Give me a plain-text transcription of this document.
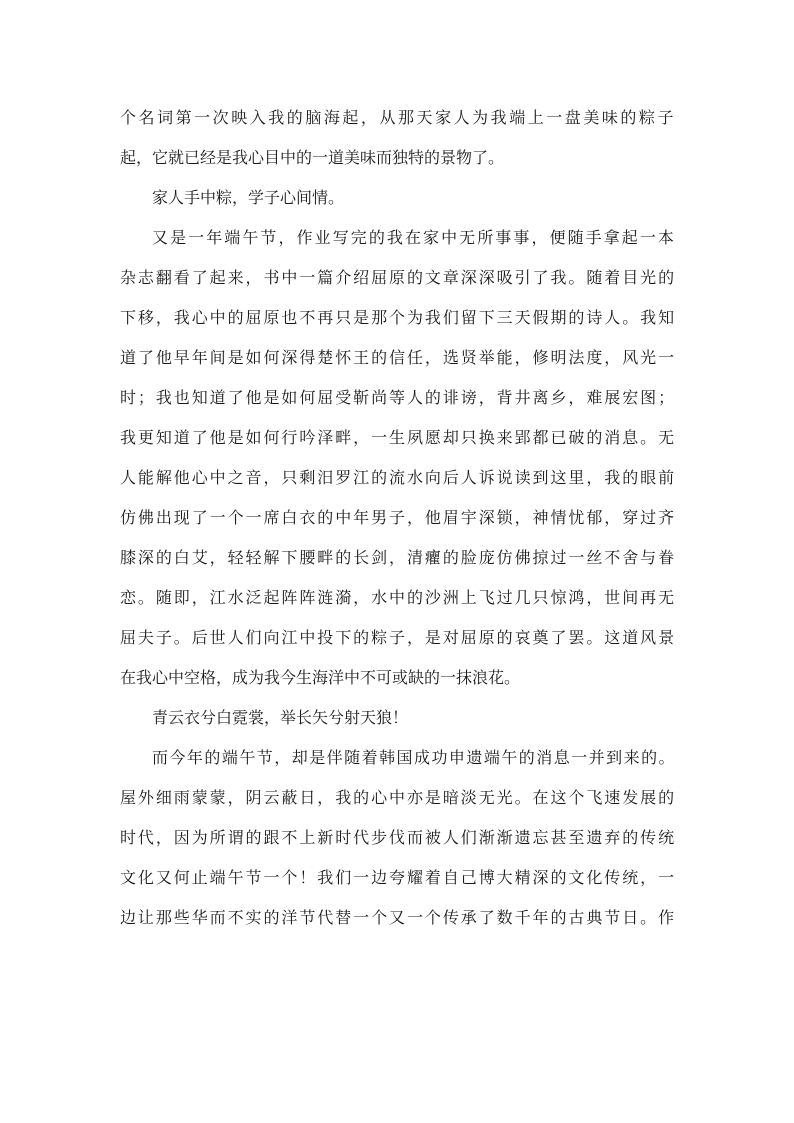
个名词第一次映入我的脑海起，从那天家人为我端上一盘美味的粽子
起，它就已经是我心目中的一道美味而独特的景物了。
家人手中粽，学子心间情。
又是一年端午节，作业写完的我在家中无所事事，便随手拿起一本
杂志翻看了起来，书中一篇介绍屈原的文章深深吸引了我。随着目光的
下移，我心中的屈原也不再只是那个为我们留下三天假期的诗人。我知
道了他早年间是如何深得楚怀王的信任，选贤举能，修明法度，风光一
时；我也知道了他是如何屈受靳尚等人的诽谤，背井离乡，难展宏图；
我更知道了他是如何行吟泽畔，一生夙愿却只换来郢都已破的消息。无
人能解他心中之音，只剩汨罗江的流水向后人诉说读到这里，我的眼前
仿佛出现了一个一席白衣的中年男子，他眉宇深锁，神情忧郁，穿过齐
膝深的白艾，轻轻解下腰畔的长剑，清癯的脸庞仿佛掠过一丝不舍与眷
恋。随即，江水泛起阵阵涟漪，水中的沙洲上飞过几只惊鸿，世间再无
屈夫子。后世人们向江中投下的粽子，是对屈原的哀奠了罢。这道风景
在我心中空格，成为我今生海洋中不可或缺的一抹浪花。
青云衣兮白霓裳，举长矢兮射天狼！
而今年的端午节，却是伴随着韩国成功申遗端午的消息一并到来的。
屋外细雨蒙蒙，阴云蔽日，我的心中亦是暗淡无光。在这个飞速发展的
时代，因为所谓的跟不上新时代步伐而被人们渐渐遗忘甚至遗弃的传统
文化又何止端午节一个！我们一边夸耀着自己博大精深的文化传统，一
边让那些华而不实的洋节代替一个又一个传承了数千年的古典节日。作
